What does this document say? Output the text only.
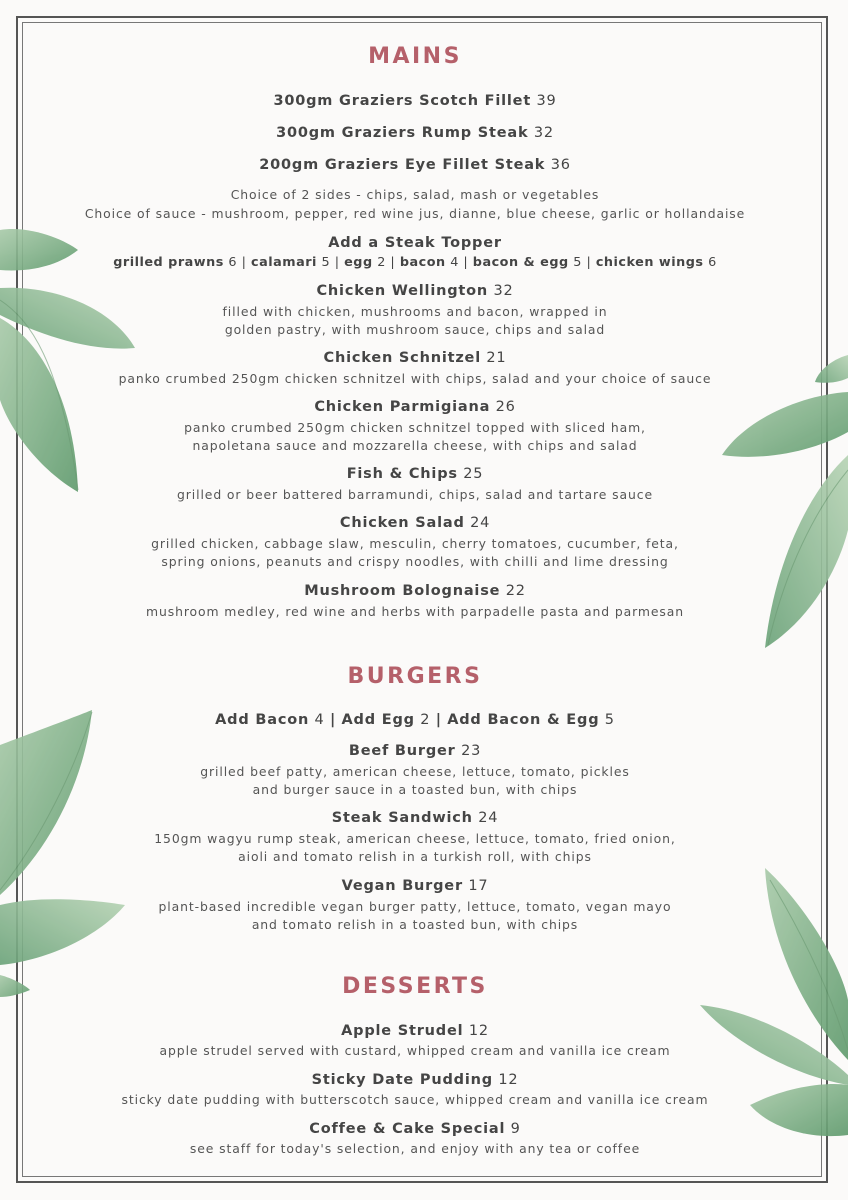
MAINS
300gm Graziers Scotch Fillet 39
300gm Graziers Rump Steak 32
200gm Graziers Eye Fillet Steak 36
Choice of 2 sides - chips, salad, mash or vegetables
Choice of sauce - mushroom, pepper, red wine jus, dianne, blue cheese, garlic or hollandaise
Add a Steak Topper
grilled prawns 6 | calamari 5 | egg 2 | bacon 4 | bacon & egg 5 | chicken wings 6
Chicken Wellington 32
filled with chicken, mushrooms and bacon, wrapped in
golden pastry, with mushroom sauce, chips and salad
Chicken Schnitzel 21
panko crumbed 250gm chicken schnitzel with chips, salad and your choice of sauce
Chicken Parmigiana 26
panko crumbed 250gm chicken schnitzel topped with sliced ham,
napoletana sauce and mozzarella cheese, with chips and salad
Fish & Chips 25
grilled or beer battered barramundi, chips, salad and tartare sauce
Chicken Salad 24
grilled chicken, cabbage slaw, mesculin, cherry tomatoes, cucumber, feta,
spring onions, peanuts and crispy noodles, with chilli and lime dressing
Mushroom Bolognaise 22
mushroom medley, red wine and herbs with parpadelle pasta and parmesan
BURGERS
Add Bacon 4 | Add Egg 2 | Add Bacon & Egg 5
Beef Burger 23
grilled beef patty, american cheese, lettuce, tomato, pickles
and burger sauce in a toasted bun, with chips
Steak Sandwich 24
150gm wagyu rump steak, american cheese, lettuce, tomato, fried onion,
aioli and tomato relish in a turkish roll, with chips
Vegan Burger 17
plant-based incredible vegan burger patty, lettuce, tomato, vegan mayo
and tomato relish in a toasted bun, with chips
DESSERTS
Apple Strudel 12
apple strudel served with custard, whipped cream and vanilla ice cream
Sticky Date Pudding 12
sticky date pudding with butterscotch sauce, whipped cream and vanilla ice cream
Coffee & Cake Special 9
see staff for today's selection, and enjoy with any tea or coffee
